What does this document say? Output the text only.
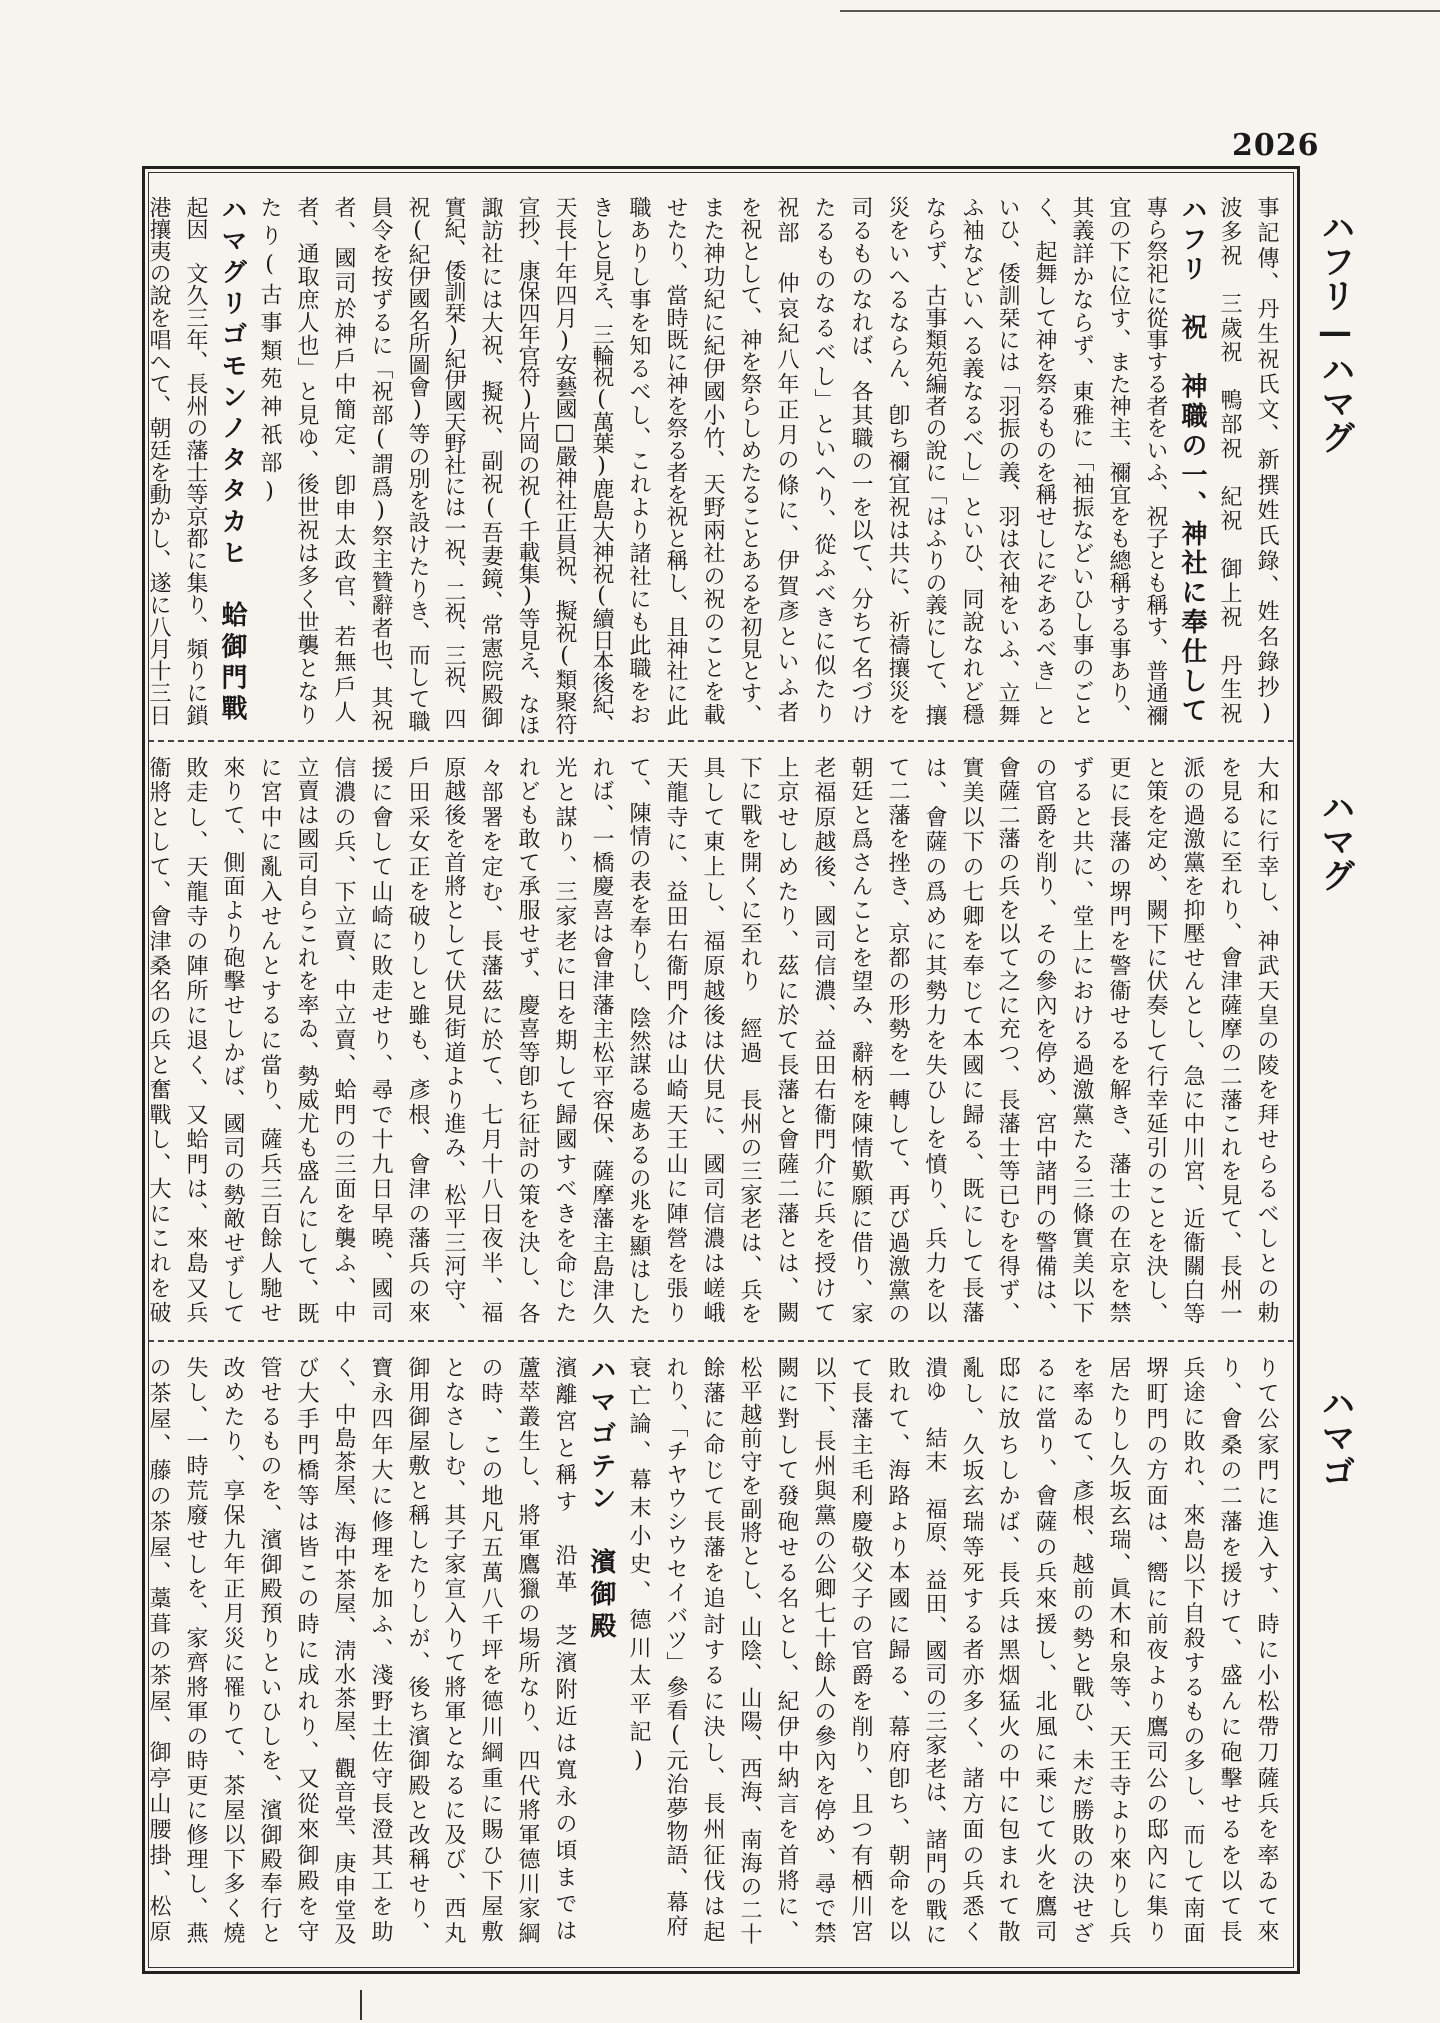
2026
ハフリ—ハマグ
ハマグ
ハマゴ
事記傳、丹生祝氏文、新撰姓氏錄、姓名錄抄)
波多祝　三歲祝　鴨部祝　紀祝　御上祝　丹生祝
ハフリ　祝　神職の一、神社に奉仕して
專ら祭祀に從事する者をいふ、祝子とも稱す、普通禰
宜の下に位す、また神主、禰宜をも總稱する事あり、
其義詳かならず、東雅に「袖振などいひし事のごと
く、起舞して神を祭るものを稱せしにぞあるべき」と
いひ、倭訓栞には「羽振の義、羽は衣袖をいふ、立舞
ふ袖などいへる義なるべし」といひ、同說なれど穩
ならず、古事類苑編者の說に「はふりの義にして、攘
災をいへるならん、卽ち禰宜祝は共に、祈禱攘災を
司るものなれば、各其職の一を以て、分ちて名づけ
たるものなるべし」といへり、從ふべきに似たり
祝部　仲哀紀八年正月の條に、伊賀彥といふ者
を祝として、神を祭らしめたることあるを初見とす、
また神功紀に紀伊國小竹、天野兩社の祝のことを載
せたり、當時既に神を祭る者を祝と稱し、且神社に此
職ありし事を知るべし、これより諸社にも此職をお
きしと見え、三輪祝(萬葉)鹿島大神祝(續日本後紀、
天長十年四月)安藝國□嚴神社正員祝、擬祝(類聚符
宣抄、康保四年官符)片岡の祝(千載集)等見え、なほ
諏訪社には大祝、擬祝、副祝(吾妻鏡、常憲院殿御
實紀、倭訓栞)紀伊國天野社には一祝、二祝、三祝、四
祝(紀伊國名所圖會)等の別を設けたりき、而して職
員令を按ずるに「祝部(謂爲)祭主贊辭者也、其祝
者、國司於神戶中簡定、卽申太政官、若無戶人
者、通取庶人也」と見ゆ、後世祝は多く世襲となり
たり(古事類苑神祇部)
ハマグリゴモンノタタカヒ　蛤御門戰
起因　文久三年、長州の藩士等京都に集り、頻りに鎖
港攘夷の說を唱へて、朝廷を動かし、遂に八月十三日
大和に行幸し、神武天皇の陵を拜せらるべしとの勅
を見るに至れり、會津薩摩の二藩これを見て、長州一
派の過激黨を抑壓せんとし、急に中川宮、近衞關白等
と策を定め、闕下に伏奏して行幸延引のことを決し、
更に長藩の堺門を警衞せるを解き、藩士の在京を禁
ずると共に、堂上における過激黨たる三條實美以下
の官爵を削り、その參內を停め、宮中諸門の警備は、
會薩二藩の兵を以て之に充つ、長藩士等已むを得ず、
實美以下の七卿を奉じて本國に歸る、既にして長藩
は、會薩の爲めに其勢力を失ひしを憤り、兵力を以
て二藩を挫き、京都の形勢を一轉して、再び過激黨の
朝廷と爲さんことを望み、辭柄を陳情歎願に借り、家
老福原越後、國司信濃、益田右衞門介に兵を授けて
上京せしめたり、茲に於て長藩と會薩二藩とは、闕
下に戰を開くに至れり　經過　長州の三家老は、兵を
具して東上し、福原越後は伏見に、國司信濃は嵯峨
天龍寺に、益田右衞門介は山崎天王山に陣營を張り
て、陳情の表を奉りし、陰然謀る處あるの兆を顯はした
れば、一橋慶喜は會津藩主松平容保、薩摩藩主島津久
光と謀り、三家老に日を期して歸國すべきを命じた
れども敢て承服せず、慶喜等卽ち征討の策を決し、各
々部署を定む、長藩茲に於て、七月十八日夜半、福
原越後を首將として伏見街道より進み、松平三河守、
戶田采女正を破りしと雖も、彥根、會津の藩兵の來
援に會して山崎に敗走せり、尋で十九日早曉、國司
信濃の兵、下立賣、中立賣、蛤門の三面を襲ふ、中
立賣は國司自らこれを率ゐ、勢威尤も盛んにして、既
に宮中に亂入せんとするに當り、薩兵三百餘人馳せ
來りて、側面より砲擊せしかば、國司の勢敵せずして
敗走し、天龍寺の陣所に退く、又蛤門は、來島又兵
衞將として、會津桑名の兵と奮戰し、大にこれを破
りて公家門に進入す、時に小松帶刀薩兵を率ゐて來
り、會桑の二藩を援けて、盛んに砲擊せるを以て長
兵途に敗れ、來島以下自殺するもの多し、而して南面
堺町門の方面は、嚮に前夜より鷹司公の邸內に集り
居たりし久坂玄瑞、眞木和泉等、天王寺より來りし兵
を率ゐて、彥根、越前の勢と戰ひ、未だ勝敗の決せざ
るに當り、會薩の兵來援し、北風に乘じて火を鷹司
邸に放ちしかば、長兵は黑烟猛火の中に包まれて散
亂し、久坂玄瑞等死する者亦多く、諸方面の兵悉く
潰ゆ　結末　福原、益田、國司の三家老は、諸門の戰に
敗れて、海路より本國に歸る、幕府卽ち、朝命を以
て長藩主毛利慶敬父子の官爵を削り、且つ有栖川宮
以下、長州與黨の公卿七十餘人の參內を停め、尋で禁
闕に對して發砲せる名とし、紀伊中納言を首將に、
松平越前守を副將とし、山陰、山陽、西海、南海の二十
餘藩に命じて長藩を追討するに決し、長州征伐は起
れり、「チヤウシウセイバツ」參看(元治夢物語、幕府
衰亡論、幕末小史、德川太平記)
ハマゴテン　濱御殿
濱離宮と稱す　沿革　芝濱附近は寬永の頃までは
蘆萃叢生し、將軍鷹獵の場所なり、四代將軍德川家綱
の時、この地凡五萬八千坪を德川綱重に賜ひ下屋敷
となさしむ、其子家宣入りて將軍となるに及び、西丸
御用御屋敷と稱したりしが、後ち濱御殿と改稱せり、
寶永四年大に修理を加ふ、淺野土佐守長澄其工を助
く、中島茶屋、海中茶屋、淸水茶屋、觀音堂、庚申堂及
び大手門橋等は皆この時に成れり、又從來御殿を守
管せるものを、濱御殿預りといひしを、濱御殿奉行と
改めたり、享保九年正月災に罹りて、茶屋以下多く燒
失し、一時荒廢せしを、家齊將軍の時更に修理し、燕
の茶屋、藤の茶屋、藁葺の茶屋、御亭山腰掛、松原
